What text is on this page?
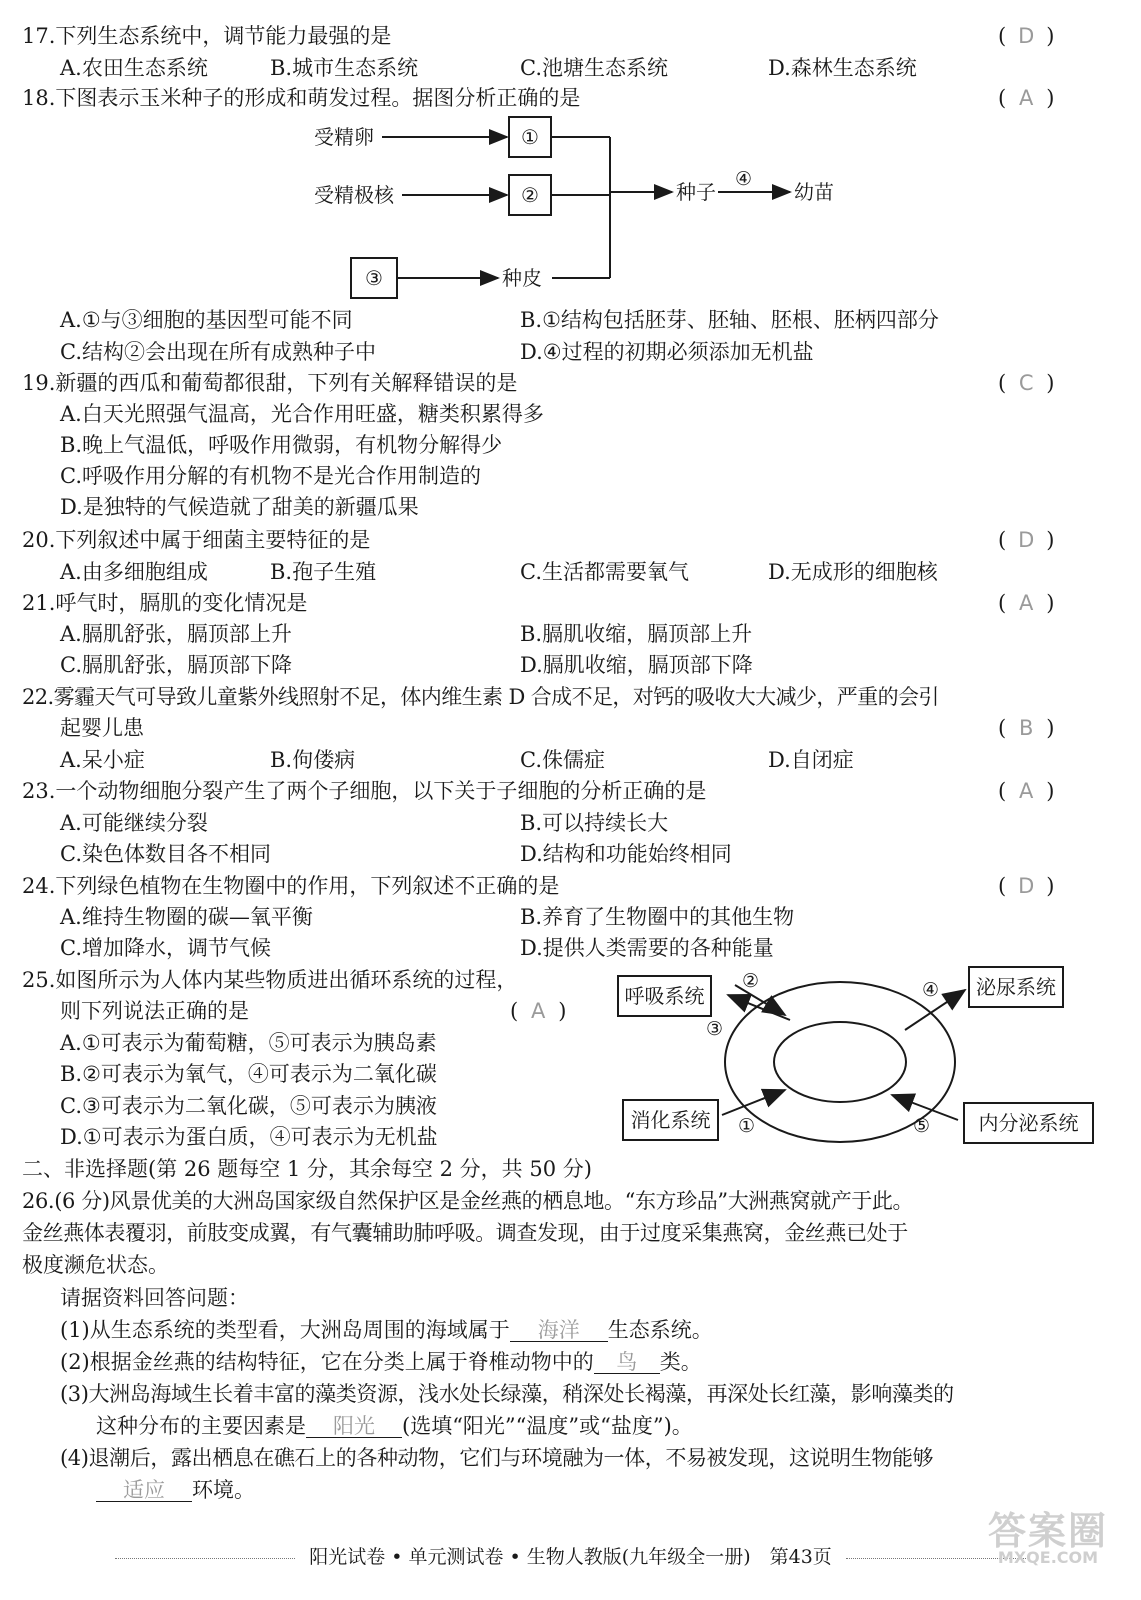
17.下列生态系统中，调节能力最强的是	( D )
A.农田生态系统	B.城市生态系统	C.池塘生态系统	D.森林生态系统
18.下图表示玉米种子的形成和萌发过程。据图分析正确的是	( A )
受精卵
受精极核
①
②
③
种子
④
幼苗
种皮
A.①与③细胞的基因型可能不同	B.①结构包括胚芽、胚轴、胚根、胚柄四部分
C.结构②会出现在所有成熟种子中	D.④过程的初期必须添加无机盐
19.新疆的西瓜和葡萄都很甜，下列有关解释错误的是	( C )
A.白天光照强气温高，光合作用旺盛，糖类积累得多
B.晚上气温低，呼吸作用微弱，有机物分解得少
C.呼吸作用分解的有机物不是光合作用制造的
D.是独特的气候造就了甜美的新疆瓜果
20.下列叙述中属于细菌主要特征的是	( D )
A.由多细胞组成	B.孢子生殖	C.生活都需要氧气	D.无成形的细胞核
21.呼气时，膈肌的变化情况是	( A )
A.膈肌舒张，膈顶部上升	B.膈肌收缩，膈顶部上升
C.膈肌舒张，膈顶部下降	D.膈肌收缩，膈顶部下降
22.雾霾天气可导致儿童紫外线照射不足，体内维生素 D 合成不足，对钙的吸收大大减少，严重的会引
起婴儿患	( B )
A.呆小症	B.佝偻病	C.侏儒症	D.自闭症
23.一个动物细胞分裂产生了两个子细胞，以下关于子细胞的分析正确的是	( A )
A.可能继续分裂	B.可以持续长大
C.染色体数目各不相同	D.结构和功能始终相同
24.下列绿色植物在生物圈中的作用，下列叙述不正确的是	( D )
A.维持生物圈的碳—氧平衡	B.养育了生物圈中的其他生物
C.增加降水，调节气候	D.提供人类需要的各种能量
25.如图所示为人体内某些物质进出循环系统的过程，
则下列说法正确的是	( A )
A.①可表示为葡萄糖，⑤可表示为胰岛素
B.②可表示为氧气，④可表示为二氧化碳
C.③可表示为二氧化碳，⑤可表示为胰液
D.①可表示为蛋白质，④可表示为无机盐
呼吸系统	泌尿系统
消化系统	内分泌系统
②
③
④
①	⑤
二、非选择题(第 26 题每空 1 分，其余每空 2 分，共 50 分)
26.(6 分)风景优美的大洲岛国家级自然保护区是金丝燕的栖息地。“东方珍品”大洲燕窝就产于此。
金丝燕体表覆羽，前肢变成翼，有气囊辅助肺呼吸。调查发现，由于过度采集燕窝，金丝燕已处于
极度濒危状态。
请据资料回答问题：
(1)从生态系统的类型看，大洲岛周围的海域属于 海洋 生态系统。
(2)根据金丝燕的结构特征，它在分类上属于脊椎动物中的 鸟 类。
(3)大洲岛海域生长着丰富的藻类资源，浅水处长绿藻，稍深处长褐藻，再深处长红藻，影响藻类的
这种分布的主要因素是 阳光 (选填“阳光”“温度”或“盐度”)。
(4)退潮后，露出栖息在礁石上的各种动物，它们与环境融为一体，不易被发现，这说明生物能够
适应 环境。
阳光试卷 • 单元测试卷 • 生物人教版(九年级全一册)　第43页
答案圈
MXQE.COM
